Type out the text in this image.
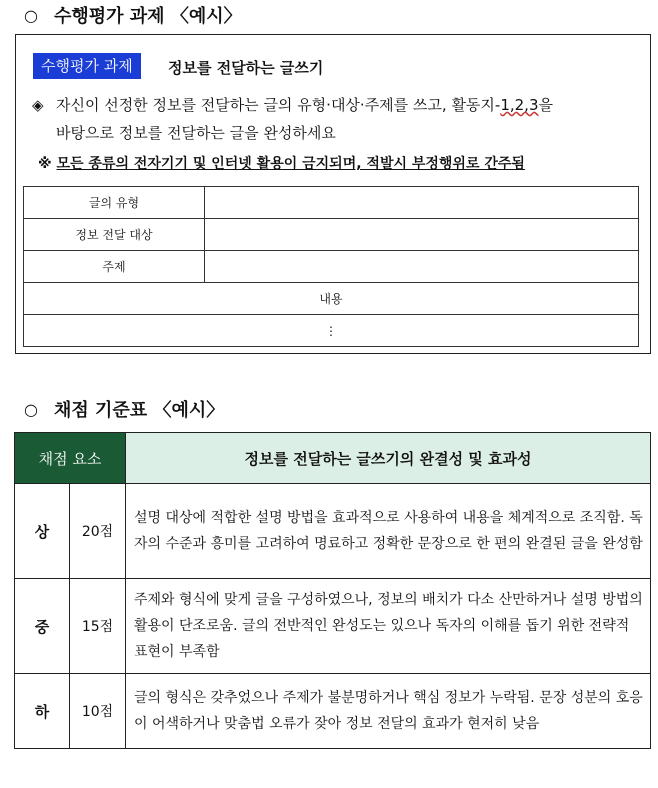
○ 수행평가 과제 〈예시〉
수행평가 과제	정보를 전달하는 글쓰기
◈ 자신이 선정한 정보를 전달하는 글의 유형·대상·주제를 쓰고, 활동지-1,2,3을
바탕으로 정보를 전달하는 글을 완성하세요
※ 모든 종류의 전자기기 및 인터넷 활용이 금지되며, 적발시 부정행위로 간주됨
글의 유형	
정보 전달 대상	
주제	
내용	
⋮	
○ 채점 기준표 〈예시〉
채점 요소		정보를 전달하는 글쓰기의 완결성 및 효과성
상	20점	설명 대상에 적합한 설명 방법을 효과적으로 사용하여 내용을 체계적으로 조직함. 독자의 수준과 흥미를 고려하여 명료하고 정확한 문장으로 한 편의 완결된 글을 완성함
중	15점	주제와 형식에 맞게 글을 구성하였으나, 정보의 배치가 다소 산만하거나 설명 방법의 활용이 단조로움. 글의 전반적인 완성도는 있으나 독자의 이해를 돕기 위한 전략적 표현이 부족함
하	10점	글의 형식은 갖추었으나 주제가 불분명하거나 핵심 정보가 누락됨. 문장 성분의 호응이 어색하거나 맞춤법 오류가 잦아 정보 전달의 효과가 현저히 낮음
